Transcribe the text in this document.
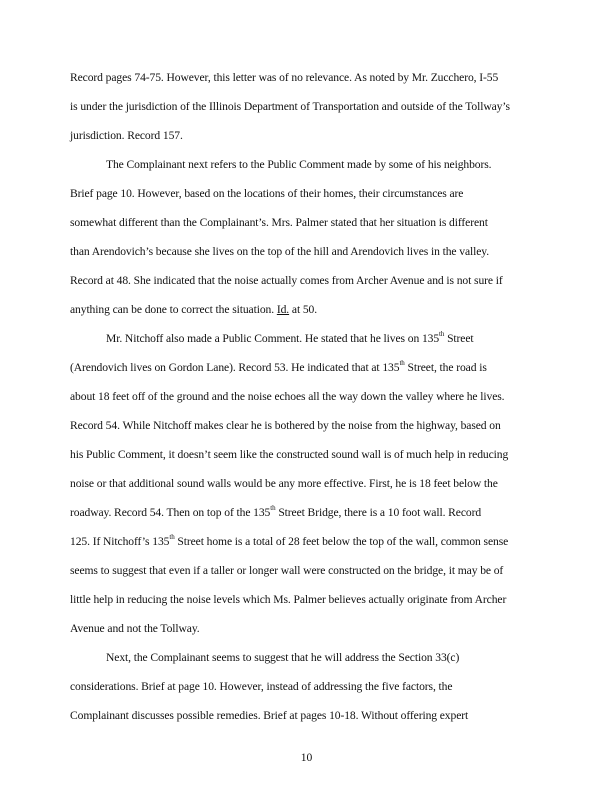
Record pages 74-75. However, this letter was of no relevance. As noted by Mr. Zucchero, I-55
is under the jurisdiction of the Illinois Department of Transportation and outside of the Tollway’s
jurisdiction. Record 157.
The Complainant next refers to the Public Comment made by some of his neighbors.
Brief page 10. However, based on the locations of their homes, their circumstances are
somewhat different than the Complainant’s. Mrs. Palmer stated that her situation is different
than Arendovich’s because she lives on the top of the hill and Arendovich lives in the valley.
Record at 48. She indicated that the noise actually comes from Archer Avenue and is not sure if
anything can be done to correct the situation. Id. at 50.
Mr. Nitchoff also made a Public Comment. He stated that he lives on 135th Street
(Arendovich lives on Gordon Lane). Record 53. He indicated that at 135th Street, the road is
about 18 feet off of the ground and the noise echoes all the way down the valley where he lives.
Record 54. While Nitchoff makes clear he is bothered by the noise from the highway, based on
his Public Comment, it doesn’t seem like the constructed sound wall is of much help in reducing
noise or that additional sound walls would be any more effective. First, he is 18 feet below the
roadway. Record 54. Then on top of the 135th Street Bridge, there is a 10 foot wall. Record
125. If Nitchoff’s 135th Street home is a total of 28 feet below the top of the wall, common sense
seems to suggest that even if a taller or longer wall were constructed on the bridge, it may be of
little help in reducing the noise levels which Ms. Palmer believes actually originate from Archer
Avenue and not the Tollway.
Next, the Complainant seems to suggest that he will address the Section 33(c)
considerations. Brief at page 10. However, instead of addressing the five factors, the
Complainant discusses possible remedies. Brief at pages 10-18. Without offering expert
10
